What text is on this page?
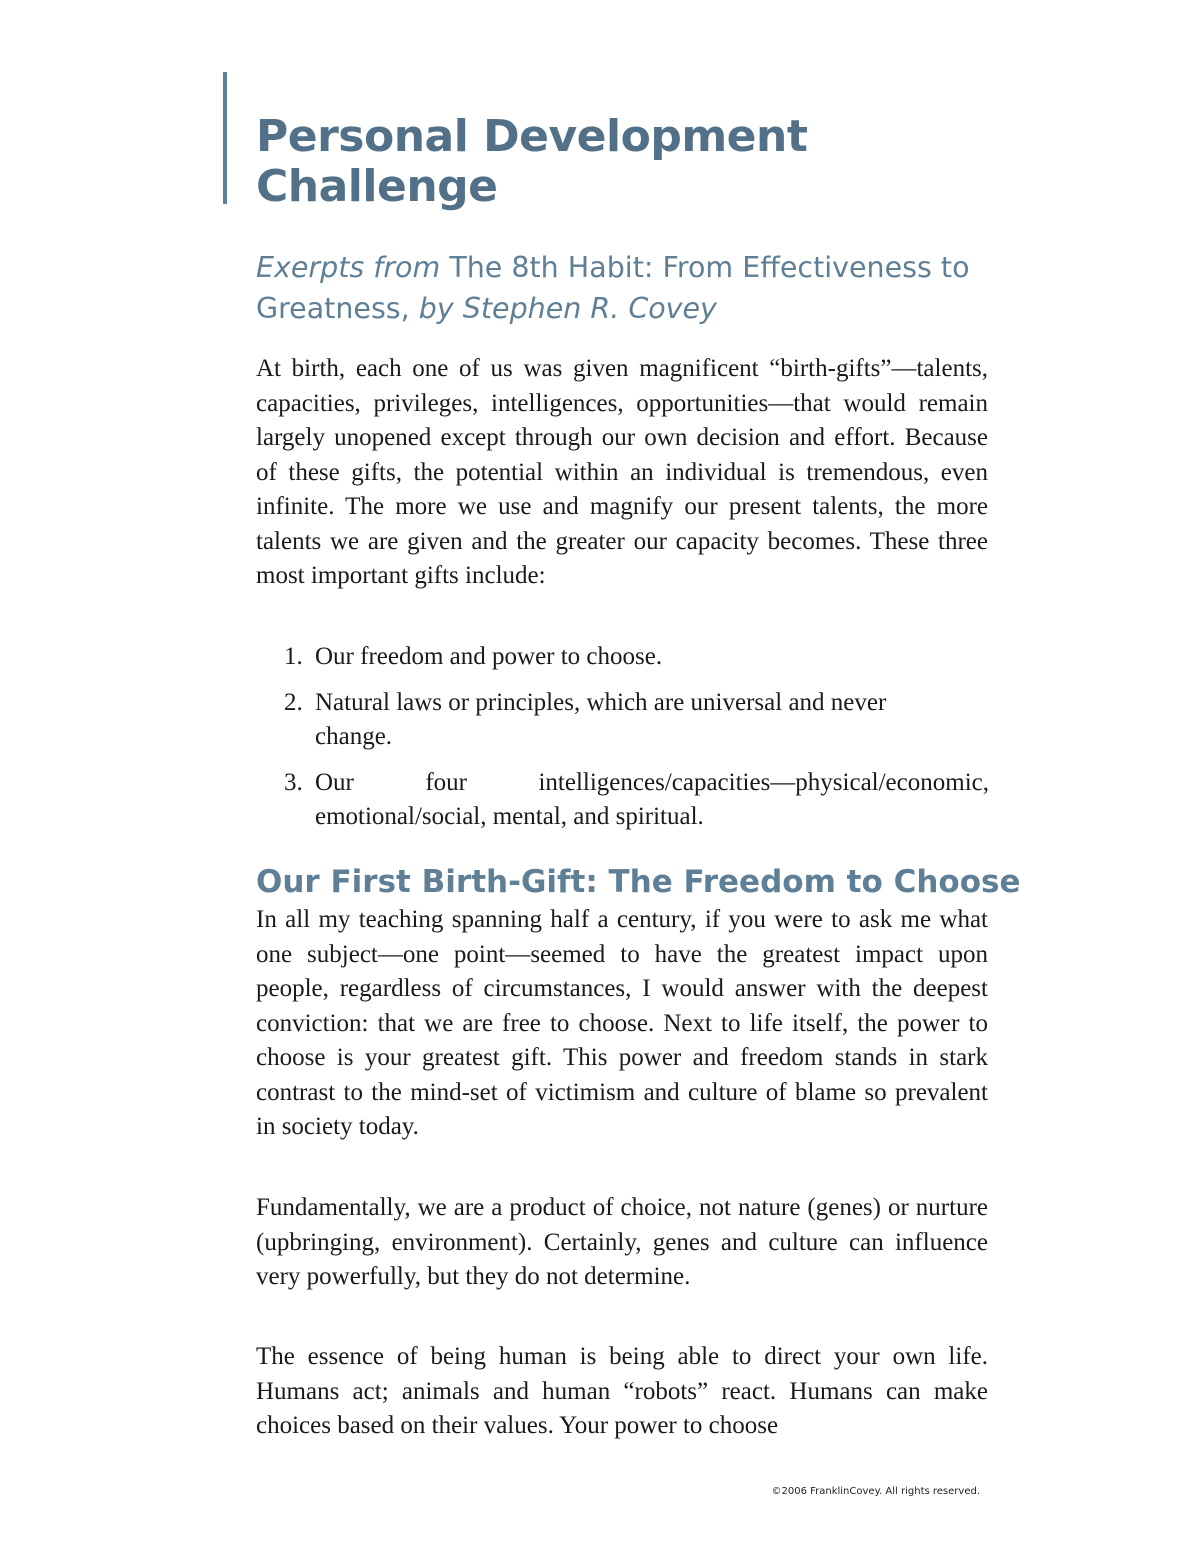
Personal Development
Challenge

Exerpts from The 8th Habit: From Effectiveness to Greatness, by Stephen R. Covey

At birth, each one of us was given magnificent “birth-gifts”—talents, capacities, privileges, intelligences, opportunities—that would remain largely unopened except through our own decision and effort. Because of these gifts, the potential within an individual is tremendous, even infinite. The more we use and magnify our present talents, the more talents we are given and the greater our capacity becomes. These three most important gifts include:

1. Our freedom and power to choose.
2. Natural laws or principles, which are universal and never change.
3. Our four intelligences/capacities—physical/economic, emotional/social, mental, and spiritual.
Our First Birth-Gift: The Freedom to Choose

In all my teaching spanning half a century, if you were to ask me what one subject—one point—seemed to have the greatest impact upon people, regardless of circumstances, I would answer with the deepest conviction: that we are free to choose. Next to life itself, the power to choose is your greatest gift. This power and freedom stands in stark contrast to the mind-set of victimism and culture of blame so prevalent in society today.

Fundamentally, we are a product of choice, not nature (genes) or nurture (upbringing, environment). Certainly, genes and culture can influence very powerfully, but they do not determine.

The essence of being human is being able to direct your own life. Humans act; animals and human “robots” react. Humans can make choices based on their values. Your power to choose

©2006 FranklinCovey. All rights reserved.
